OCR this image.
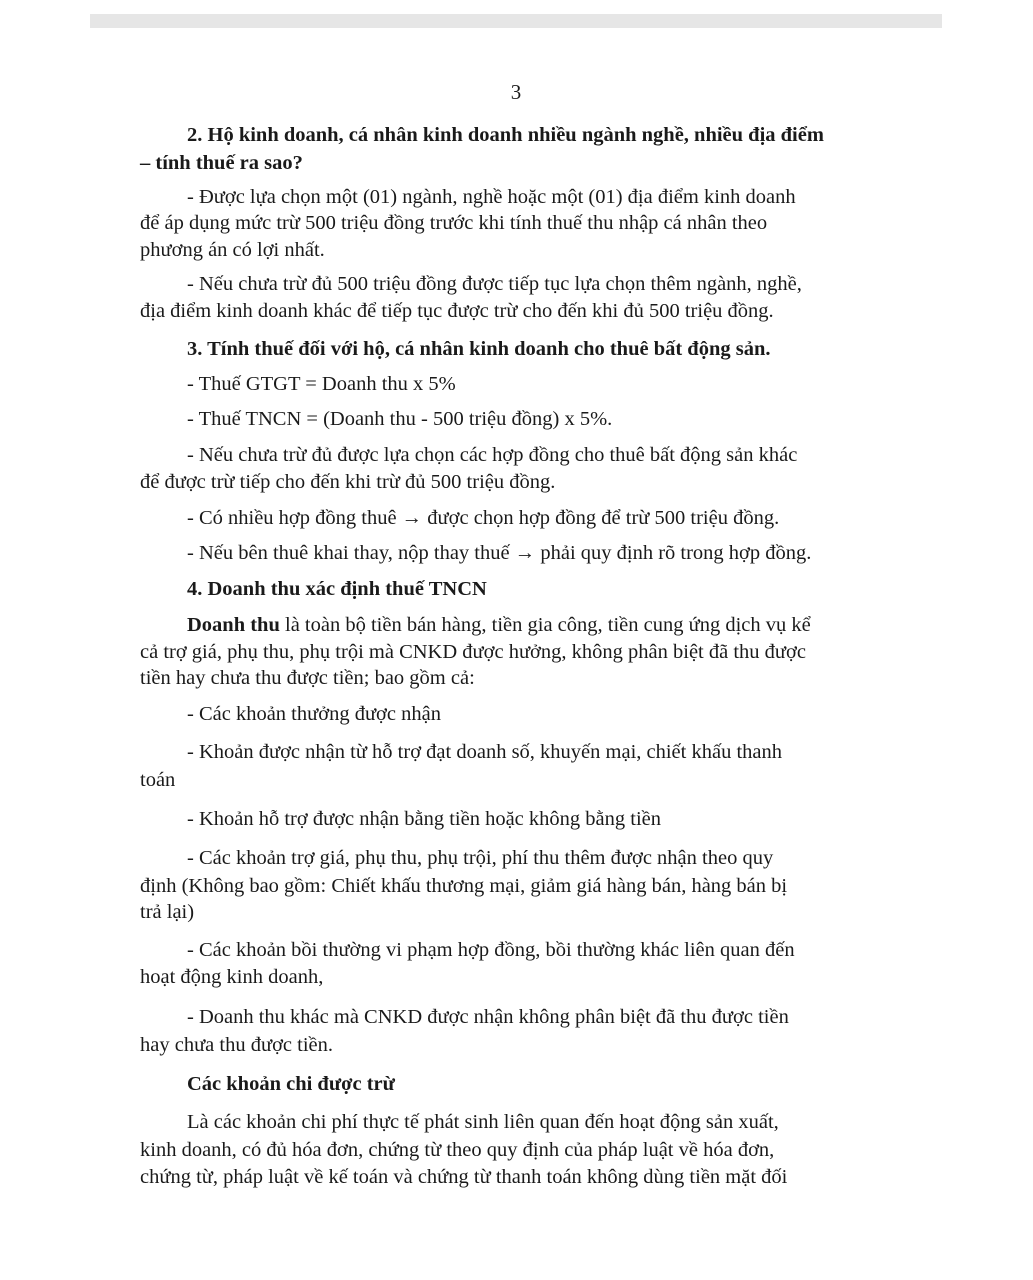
3
2. Hộ kinh doanh, cá nhân kinh doanh nhiều ngành nghề, nhiều địa điểm
– tính thuế ra sao?
- Được lựa chọn một (01) ngành, nghề hoặc một (01) địa điểm kinh doanh
để áp dụng mức trừ 500 triệu đồng trước khi tính thuế thu nhập cá nhân theo
phương án có lợi nhất.
- Nếu chưa trừ đủ 500 triệu đồng được tiếp tục lựa chọn thêm ngành, nghề,
địa điểm kinh doanh khác để tiếp tục được trừ cho đến khi đủ 500 triệu đồng.
3. Tính thuế đối với hộ, cá nhân kinh doanh cho thuê bất động sản.
- Thuế GTGT = Doanh thu x 5%
- Thuế TNCN = (Doanh thu - 500 triệu đồng) x 5%.
- Nếu chưa trừ đủ được lựa chọn các hợp đồng cho thuê bất động sản khác
để được trừ tiếp cho đến khi trừ đủ 500 triệu đồng.
- Có nhiều hợp đồng thuê → được chọn hợp đồng để trừ 500 triệu đồng.
- Nếu bên thuê khai thay, nộp thay thuế → phải quy định rõ trong hợp đồng.
4. Doanh thu xác định thuế TNCN
Doanh thu là toàn bộ tiền bán hàng, tiền gia công, tiền cung ứng dịch vụ kể
cả trợ giá, phụ thu, phụ trội mà CNKD được hưởng, không phân biệt đã thu được
tiền hay chưa thu được tiền; bao gồm cả:
- Các khoản thưởng được nhận
- Khoản được nhận từ hỗ trợ đạt doanh số, khuyến mại, chiết khấu thanh
toán
- Khoản hỗ trợ được nhận bằng tiền hoặc không bằng tiền
- Các khoản trợ giá, phụ thu, phụ trội, phí thu thêm được nhận theo quy
định (Không bao gồm: Chiết khấu thương mại, giảm giá hàng bán, hàng bán bị
trả lại)
- Các khoản bồi thường vi phạm hợp đồng, bồi thường khác liên quan đến
hoạt động kinh doanh,
- Doanh thu khác mà CNKD được nhận không phân biệt đã thu được tiền
hay chưa thu được tiền.
Các khoản chi được trừ
Là các khoản chi phí thực tế phát sinh liên quan đến hoạt động sản xuất,
kinh doanh, có đủ hóa đơn, chứng từ theo quy định của pháp luật về hóa đơn,
chứng từ, pháp luật về kế toán và chứng từ thanh toán không dùng tiền mặt đối
